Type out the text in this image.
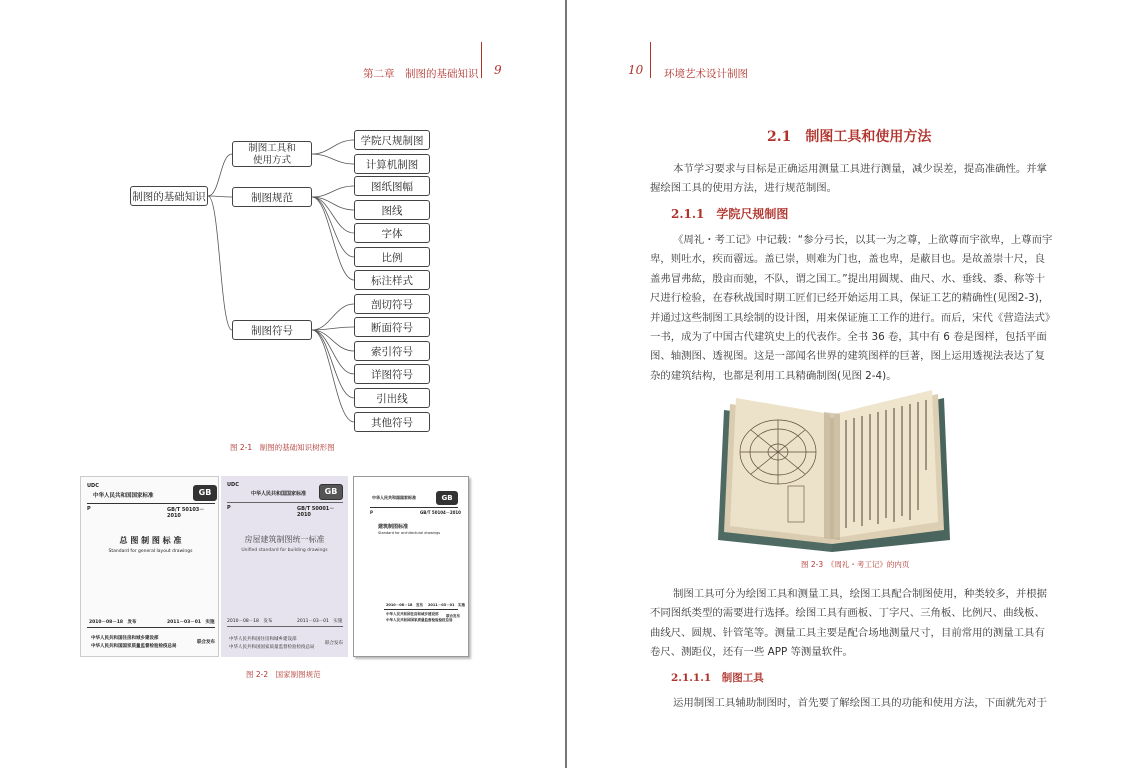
第二章　制图的基础知识 9
制图的基础知识
制图工具和
使用方式
制图规范
制图符号
学院尺规制图
计算机制图
图纸图幅
图线
字体
比例
标注样式
剖切符号
断面符号
索引符号
详图符号
引出线
其他符号
图 2-1　制图的基础知识树形图
UDC
中华人民共和国国家标准	GB
P	GB/T 50103－2010
总 图 制 图 标 准
Standard for general layout drawings
2010－08－18　发布	2011－03－01　实施
中华人民共和国住房和城乡建设部
中华人民共和国国家质量监督检验检疫总局
联合发布
UDC
中华人民共和国国家标准	GB
P	GB/T 50001－2010
房屋建筑制图统一标准
Unified standard for building drawings
2010－08－18　发布	2011－03－01　实施
中华人民共和国住房和城乡建设部
中华人民共和国国家质量监督检验检疫总局
联合发布
中华人民共和国国家标准	GB
P	GB/T 50104－2010
建筑制图标准
Standard for architectural drawings
2010－08－18　发布 2011－03－01　实施
中华人民共和国住房和城乡建设部
中华人民共和国国家质量监督检验检疫总局
联合发布
图 2-2　国家制图规范
10 环境艺术设计制图
2.1　制图工具和使用方法
本节学习要求与目标是正确运用测量工具进行测量，减少误差，提高准确性。并掌
握绘图工具的使用方法，进行规范制图。
2.1.1　学院尺规制图
《周礼・考工记》中记载：“参分弓长，以其一为之尊，上欲尊而宇欲卑，上尊而宇
卑，则吐水，疾而霤远。盖已崇，则难为门也，盖也卑，是蔽目也。是故盖崇十尺，良
盖弗冒弗紘，殷亩而驰，不队，谓之国工。”提出用圆规、曲尺、水、垂线、黍、称等十
尺进行检验，在春秋战国时期工匠们已经开始运用工具，保证工艺的精确性(见图2-3)，
并通过这些制图工具绘制的设计图，用来保证施工工作的进行。而后，宋代《营造法式》
一书，成为了中国古代建筑史上的代表作。全书 36 卷，其中有 6 卷是图样，包括平面
图、轴测图、透视图。这是一部闻名世界的建筑图样的巨著，图上运用透视法表达了复
杂的建筑结构，也都是利用工具精确制图(见图 2-4)。
图 2-3　《周礼・考工记》的内页
制图工具可分为绘图工具和测量工具，绘图工具配合制图使用，种类较多，并根据
不同图纸类型的需要进行选择。绘图工具有画板、丁字尺、三角板、比例尺、曲线板、
曲线尺、圆规、针管笔等。测量工具主要是配合场地测量尺寸，目前常用的测量工具有
卷尺、测距仪，还有一些 APP 等测量软件。
2.1.1.1　制图工具
运用制图工具辅助制图时，首先要了解绘图工具的功能和使用方法，下面就先对于
